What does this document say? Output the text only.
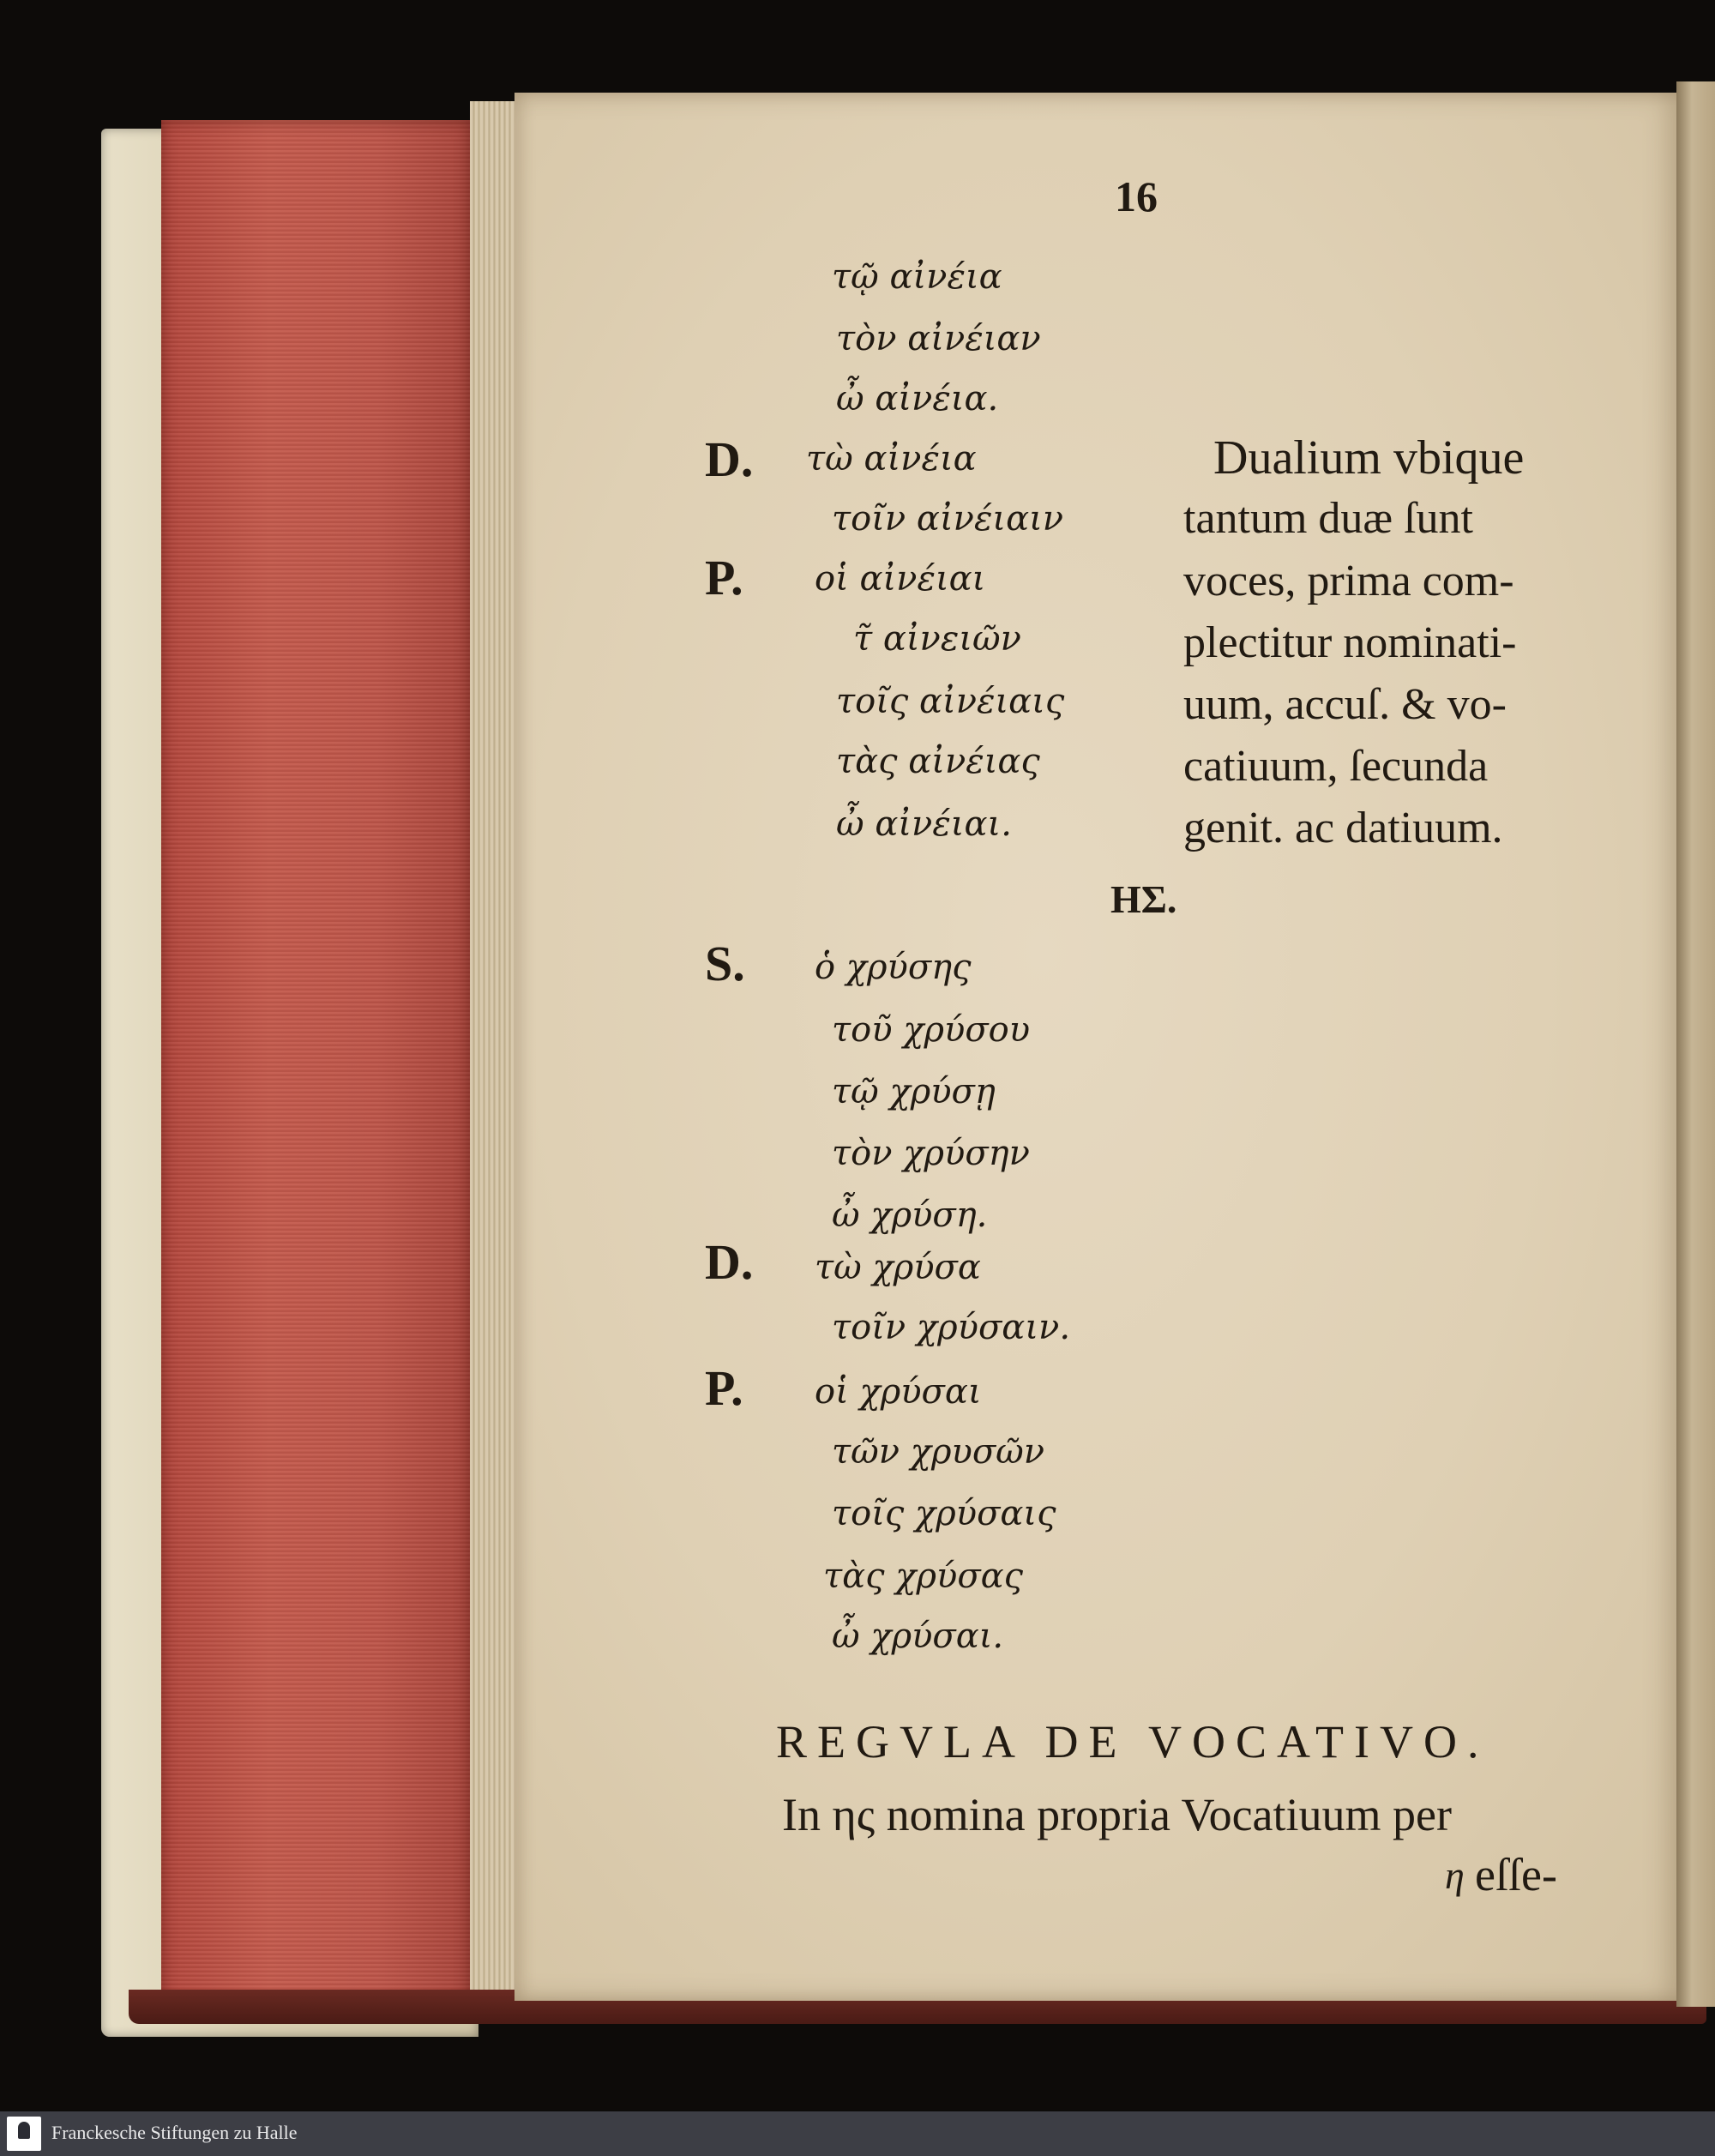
16
τῷ αἰνέια
τὸν αἰνέιαν
ὦ αἰνέια.
D. τὼ αἰνέια
τοῖν αἰνέιαιν
P. οἱ αἰνέιαι
τ̃ αἰνειῶν
τοῖς αἰνέιαις
τὰς αἰνέιας
ὦ αἰνέιαι.
Dualium vbique
tantum duæ ſunt
voces, prima com-
plectitur nominati-
uum, accuſ. & vo-
catiuum, ſecunda
genit. ac datiuum.
ΗΣ.
S. ὁ χρύσης
τοῦ χρύσου
τῷ χρύσῃ
τὸν χρύσην
ὦ χρύση.
D. τὼ χρύσα
τοῖν χρύσαιν.
P. οἱ χρύσαι
τῶν χρυσῶν
τοῖς χρύσαις
τὰς χρύσας
ὦ χρύσαι.
REGVLA DE VOCATIVO.
In ης nomina propria Vocatiuum per
η eſſe-
Franckesche Stiftungen zu Halle
